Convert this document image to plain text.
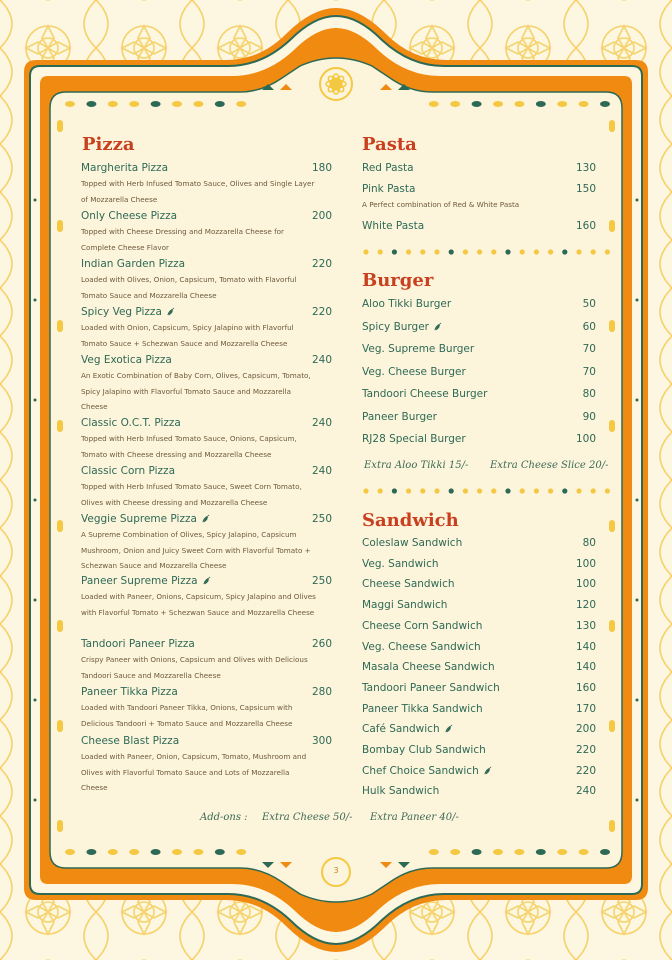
3
Pizza
Margherita Pizza	180
Topped with Herb Infused Tomato Sauce, Olives and Single Layer of Mozzarella Cheese
Only Cheese Pizza	200
Topped with Cheese Dressing and Mozzarella Cheese for Complete Cheese Flavor
Indian Garden Pizza	220
Loaded with Olives, Onion, Capsicum, Tomato with Flavorful Tomato Sauce and Mozzarella Cheese
Spicy Veg Pizza	220
Loaded with Onion, Capsicum, Spicy Jalapino with Flavorful Tomato Sauce + Schezwan Sauce and Mozzarella Cheese
Veg Exotica Pizza	240
An Exotic Combination of Baby Corn, Olives, Capsicum, Tomato, Spicy Jalapino with Flavorful Tomato Sauce and Mozzarella Cheese
Classic O.C.T. Pizza	240
Topped with Herb Infused Tomato Sauce, Onions, Capsicum, Tomato with Cheese dressing and Mozzarella Cheese
Classic Corn Pizza	240
Topped with Herb Infused Tomato Sauce, Sweet Corn Tomato, Olives with Cheese dressing and Mozzarella Cheese
Veggie Supreme Pizza	250
A Supreme Combination of Olives, Spicy Jalapino, Capsicum Mushroom, Onion and Juicy Sweet Corn with Flavorful Tomato + Schezwan Sauce and Mozzarella Cheese
Paneer Supreme Pizza	250
Loaded with Paneer, Onions, Capsicum, Spicy Jalapino and Olives with Flavorful Tomato + Schezwan Sauce and Mozzarella Cheese
Tandoori Paneer Pizza	260
Crispy Paneer with Onions, Capsicum and Olives with Delicious Tandoori Sauce and Mozzarella Cheese
Paneer Tikka Pizza	280
Loaded with Tandoori Paneer Tikka, Onions, Capsicum with Delicious Tandoori + Tomato Sauce and Mozzarella Cheese
Cheese Blast Pizza	300
Loaded with Paneer, Onion, Capsicum, Tomato, Mushroom and Olives with Flavorful Tomato Sauce and Lots of Mozzarella Cheese
Pasta
Burger
Extra Aloo Tikki 15/- Extra Cheese Slice 20/-
Sandwich
Red Pasta	130
Pink Pasta	150
A Perfect combination of Red & White Pasta
White Pasta	160
Aloo Tikki Burger	50
Spicy Burger	60
Veg. Supreme Burger	70
Veg. Cheese Burger	70
Tandoori Cheese Burger	80
Paneer Burger	90
RJ28 Special Burger	100
Coleslaw Sandwich	80
Veg. Sandwich	100
Cheese Sandwich	100
Maggi Sandwich	120
Cheese Corn Sandwich	130
Veg. Cheese Sandwich	140
Masala Cheese Sandwich	140
Tandoori Paneer Sandwich	160
Paneer Tikka Sandwich	170
Café Sandwich	200
Bombay Club Sandwich	220
Chef Choice Sandwich	220
Hulk Sandwich	240
Add-ons : Extra Cheese 50/- Extra Paneer 40/-
